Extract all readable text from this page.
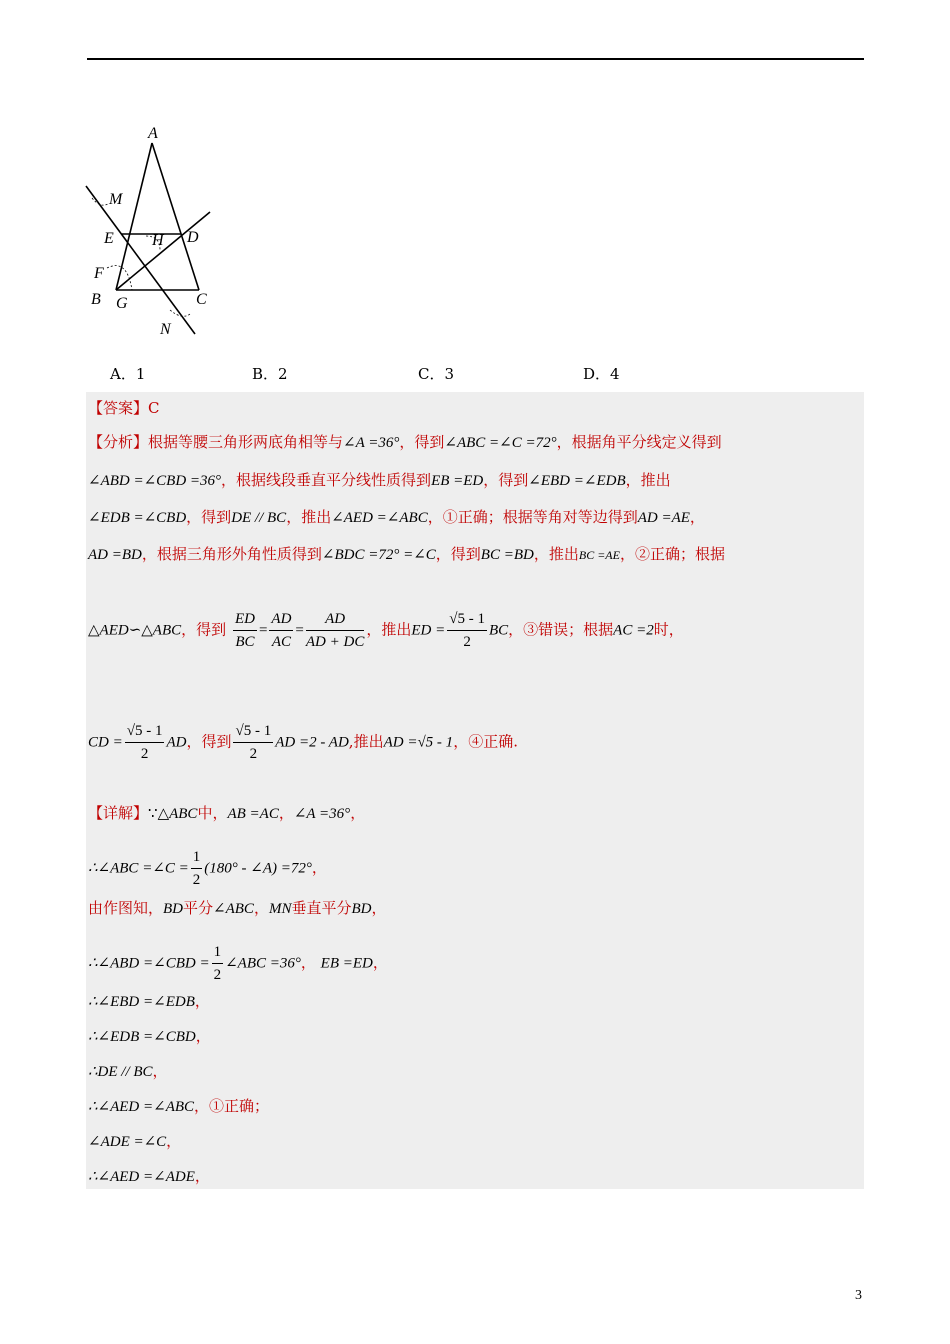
A
M
E	D
H
F
B G	C
N
A．1	B．2	C．3	D．4
【答案】C
【分析】根据等腰三角形两底角相等与∠A =36°，得到∠ABC =∠C =72°，根据角平分线定义得到
∠ABD =∠CBD =36°，根据线段垂直平分线性质得到EB =ED，得到∠EBD =∠EDB，推出
∠EDB =∠CBD，得到DE // BC，推出∠AED =∠ABC，①正确；根据等角对等边得到AD =AE，
AD =BD，根据三角形外角性质得到∠BDC =72° =∠C，得到BC =BD，推出BC =AE，②正确；根据
△AED∽△ABC，得到 $\frac{ED}{BC} = \frac{AD}{AC} = \frac{AD}{AD + DC}$ ，推出ED = $\frac{√5 - 1}{2}$ BC，③错误；根据AC =2时，
CD = $\frac{√5 - 1}{2}$ AD，得到 $\frac{√5 - 1}{2}$ AD =2 - AD,推出AD =√5 - 1，④正确.
【详解】∵△ABC中，AB =AC，∠A =36°，
∴∠ABC =∠C = $\frac{1}{2} (180^\circ$ - ∠A) =72°，
由作图知，BD平分∠ABC，MN垂直平分BD，
∴∠ABD =∠CBD = $\frac{1}{2}$ ∠ABC =36°， EB =ED，
∴∠EBD =∠EDB，
∴∠EDB =∠CBD，
∴DE // BC，
∴∠AED =∠ABC，①正确；
∠ADE =∠C，
∴∠AED =∠ADE，
3
